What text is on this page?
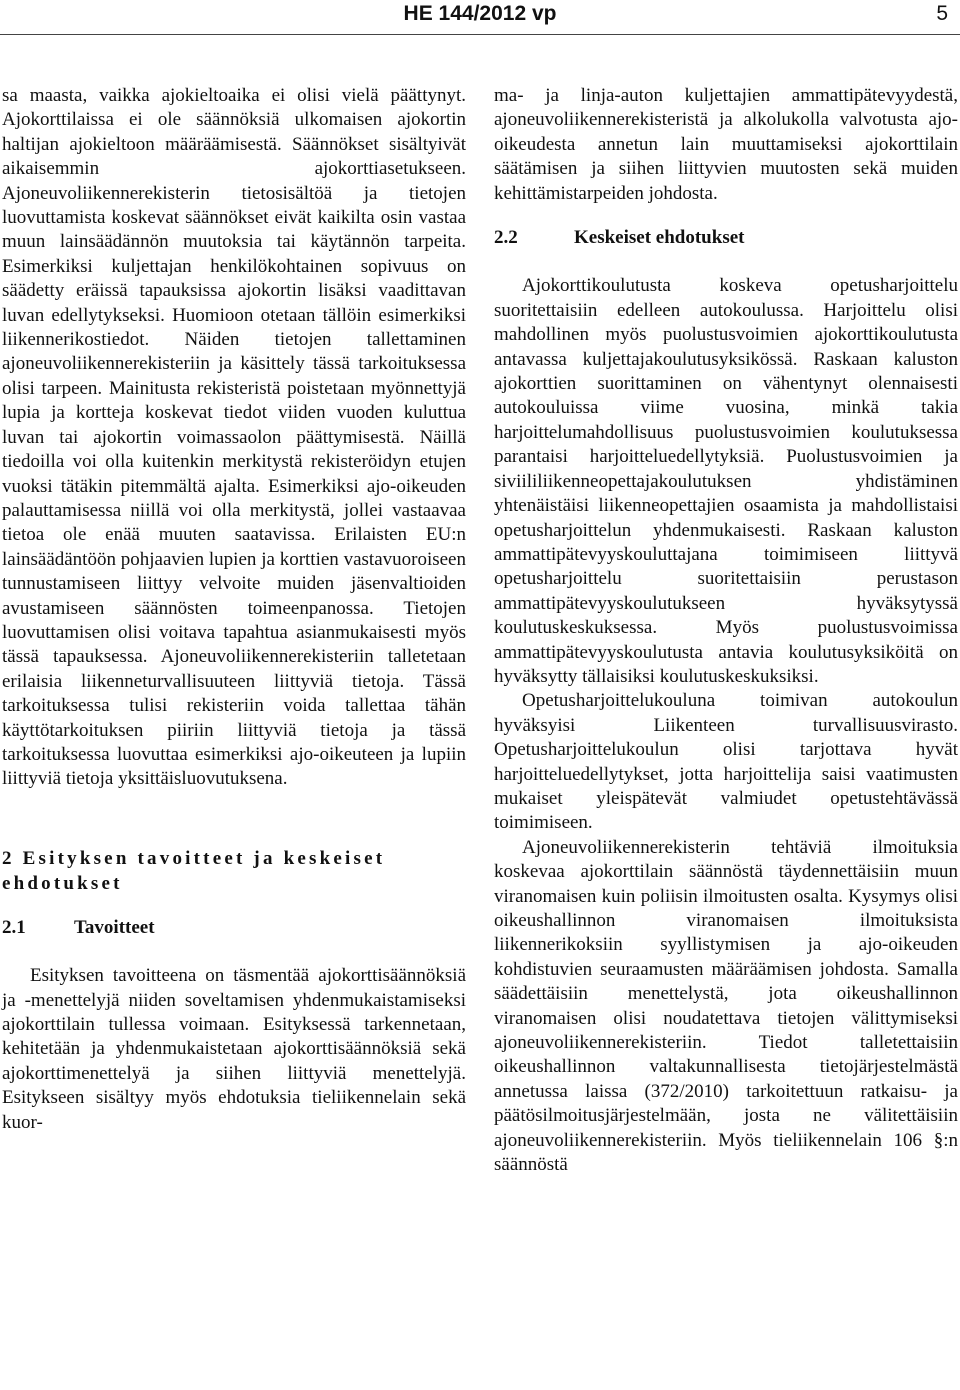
HE 144/2012 vp	5

sa maasta, vaikka ajokieltoaika ei olisi vielä päättynyt. Ajokorttilaissa ei ole säännöksiä ulkomaisen ajokortin haltijan ajokieltoon määräämisestä. Säännökset sisältyivät aikaisemmin ajokorttiasetukseen. Ajoneuvoliikennerekisterin tietosisältöä ja tietojen luovuttamista koskevat säännökset eivät kaikilta osin vastaa muun lainsäädännön muutoksia tai käytännön tarpeita. Esimerkiksi kuljettajan henkilökohtainen sopivuus on säädetty eräissä tapauksissa ajokortin lisäksi vaadittavan luvan edellytykseksi. Huomioon otetaan tällöin esimerkiksi liikennerikostiedot. Näiden tietojen tallettaminen ajoneuvoliikennerekisteriin ja käsittely tässä tarkoituksessa olisi tarpeen. Mainitusta rekisteristä poistetaan myönnettyjä lupia ja kortteja koskevat tiedot viiden vuoden kuluttua luvan tai ajokortin voimassaolon päättymisestä. Näillä tiedoilla voi olla kuitenkin merkitystä rekisteröidyn etujen vuoksi tätäkin pitemmältä ajalta. Esimerkiksi ajo-oikeuden palauttamisessa niillä voi olla merkitystä, jollei vastaavaa tietoa ole enää muuten saatavissa. Erilaisten EU:n lainsäädäntöön pohjaavien lupien ja korttien vastavuoroiseen tunnustamiseen liittyy velvoite muiden jäsenvaltioiden avustamiseen säännösten toimeenpanossa. Tietojen luovuttamisen olisi voitava tapahtua asianmukaisesti myös tässä tapauksessa. Ajoneuvoliikennerekisteriin talletetaan erilaisia liikenneturvallisuuteen liittyviä tietoja. Tässä tarkoituksessa tulisi rekisteriin voida tallettaa tähän käyttötarkoituksen piiriin liittyviä tietoja ja tässä tarkoituksessa luovuttaa esimerkiksi ajo-oikeuteen ja lupiin liittyviä tietoja yksittäisluovutuksena.

2 Esityksen tavoitteet ja keskeiset ehdotukset
2.1	Tavoitteet

Esityksen tavoitteena on täsmentää ajokorttisäännöksiä ja -menettelyjä niiden soveltamisen yhdenmukaistamiseksi ajokorttilain tullessa voimaan. Esityksessä tarkennetaan, kehitetään ja yhdenmukaistetaan ajokorttisäännöksiä sekä ajokorttimenettelyä ja siihen liittyviä menettelyjä. Esitykseen sisältyy myös ehdotuksia tieliikennelain sekä kuor-

ma- ja linja-auton kuljettajien ammattipätevyydestä, ajoneuvoliikennerekisteristä ja alkolukolla valvotusta ajo-oikeudesta annetun lain muuttamiseksi ajokorttilain säätämisen ja siihen liittyvien muutosten sekä muiden kehittämistarpeiden johdosta.

2.2	Keskeiset ehdotukset

Ajokorttikoulutusta koskeva opetusharjoittelu suoritettaisiin edelleen autokoulussa. Harjoittelu olisi mahdollinen myös puolustusvoimien ajokorttikoulutusta antavassa kuljettajakoulutusyksikössä. Raskaan kaluston ajokorttien suorittaminen on vähentynyt olennaisesti autokouluissa viime vuosina, minkä takia harjoittelumahdollisuus puolustusvoimien koulutuksessa parantaisi harjoitteluedellytyksiä. Puolustusvoimien ja siviililiikenneopettajakoulutuksen yhdistäminen yhtenäistäisi liikenneopettajien osaamista ja mahdollistaisi opetusharjoittelun yhdenmukaisesti. Raskaan kaluston ammattipätevyyskouluttajana toimimiseen liittyvä opetusharjoittelu suoritettaisiin perustason ammattipätevyyskoulutukseen hyväksytyssä koulutuskeskuksessa. Myös puolustusvoimissa ammattipätevyyskoulutusta antavia koulutusyksiköitä on hyväksytty tällaisiksi koulutuskeskuksiksi.

Opetusharjoittelukouluna toimivan autokoulun hyväksyisi Liikenteen turvallisuusvirasto. Opetusharjoittelukoulun olisi tarjottava hyvät harjoitteluedellytykset, jotta harjoittelija saisi vaatimusten mukaiset yleispätevät valmiudet opetustehtävässä toimimiseen.

Ajoneuvoliikennerekisterin tehtäviä ilmoituksia koskevaa ajokorttilain säännöstä täydennettäisiin muun viranomaisen kuin poliisin ilmoitusten osalta. Kysymys olisi oikeushallinnon viranomaisen ilmoituksista liikennerikoksiin syyllistymisen ja ajo-oikeuden kohdistuvien seuraamusten määräämisen johdosta. Samalla säädettäisiin menettelystä, jota oikeushallinnon viranomaisen olisi noudatettava tietojen välittymiseksi ajoneuvoliikennerekisteriin. Tiedot talletettaisiin oikeushallinnon valtakunnallisesta tietojärjestelmästä annetussa laissa (372/2010) tarkoitettuun ratkaisu- ja päätösilmoitusjärjestelmään, josta ne välitettäisiin ajoneuvoliikennerekisteriin. Myös tieliikennelain 106 §:n säännöstä
